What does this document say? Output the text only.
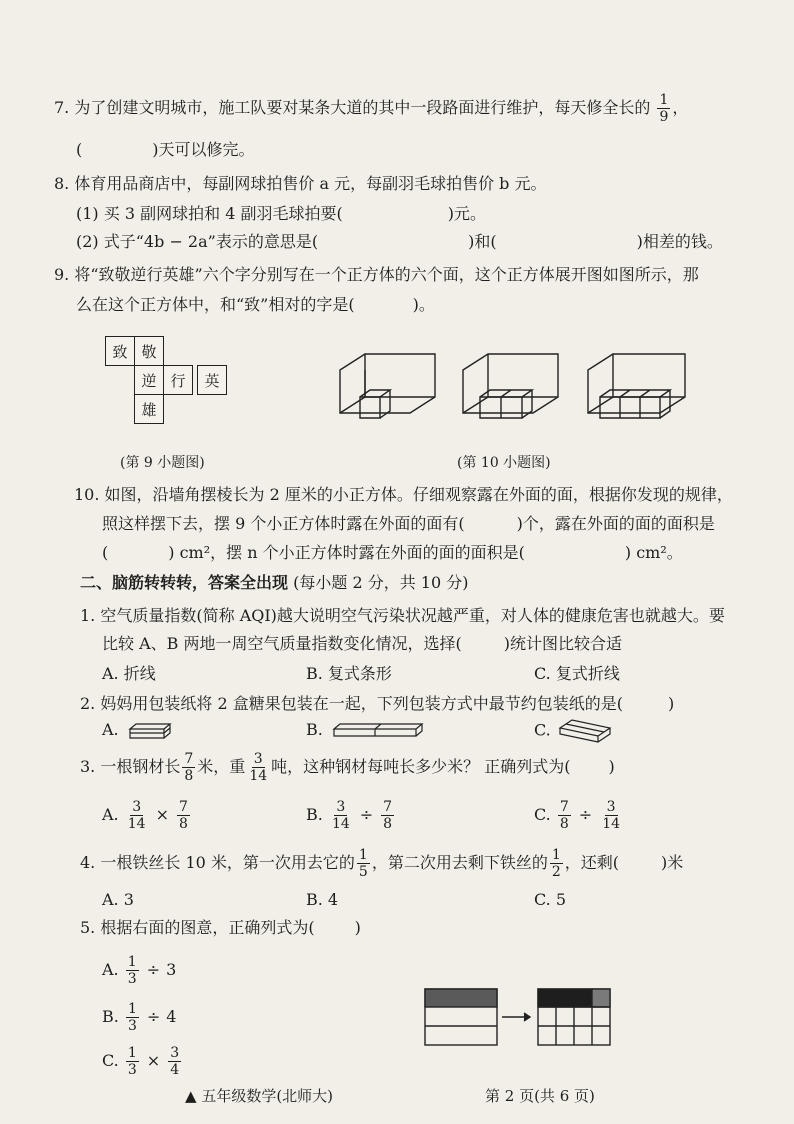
7. 为了创建文明城市，施工队要对某条大道的其中一段路面进行维护，每天修全长的 $\frac{1}{9}$ ，
(	)天可以修完。
8. 体育用品商店中，每副网球拍售价 a 元，每副羽毛球拍售价 b 元。
(1) 买 3 副网球拍和 4 副羽毛球拍要(	)元。
(2) 式子“4b − 2a”表示的意思是(	)和(	)相差的钱。
9. 将“致敬逆行英雄”六个字分别写在一个正方体的六个面，这个正方体展开图如图所示，那
么在这个正方体中，和“致”相对的字是(	)。
致 敬
逆 行	英
雄
(第 9 小题图)	(第 10 小题图)
10. 如图，沿墙角摆棱长为 2 厘米的小正方体。仔细观察露在外面的面，根据你发现的规律，
照这样摆下去，摆 9 个小正方体时露在外面的面有(	)个，露在外面的面的面积是
(	) cm²，摆 n 个小正方体时露在外面的面的面积是(	) cm²。
二、脑筋转转转，答案全出现 (每小题 2 分，共 10 分)
1. 空气质量指数(简称 AQI)越大说明空气污染状况越严重，对人体的健康危害也就越大。要
比较 A、B 两地一周空气质量指数变化情况，选择(	)统计图比较合适
A. 折线	B. 复式条形	C. 复式折线
2. 妈妈用包装纸将 2 盒糖果包装在一起，下列包装方式中最节约包装纸的是(	)
A.	B.	C.
3. 一根钢材长 $\frac{7}{8}$ 米，重 $\frac{3}{14}$ 吨，这种钢材每吨长多少米？ 正确列式为( )
A. $\frac{3}{14} \times \frac{7}{8}$	B. $\frac{3}{14} \div \frac{7}{8}$	C. $\frac{7}{8} \div \frac{3}{14}$
4. 一根铁丝长 10 米，第一次用去它的 $\frac{1}{5}$ ，第二次用去剩下铁丝的 $\frac{1}{2}$ ，还剩(	)米
A. 3	B. 4	C. 5
5. 根据右面的图意，正确列式为(	)
A. $\frac{1}{3} \div 3$
B. $\frac{1}{3} \div 4$
C. $\frac{1}{3} \times \frac{3}{4}$
▲ 五年级数学(北师大)	第 2 页(共 6 页)
